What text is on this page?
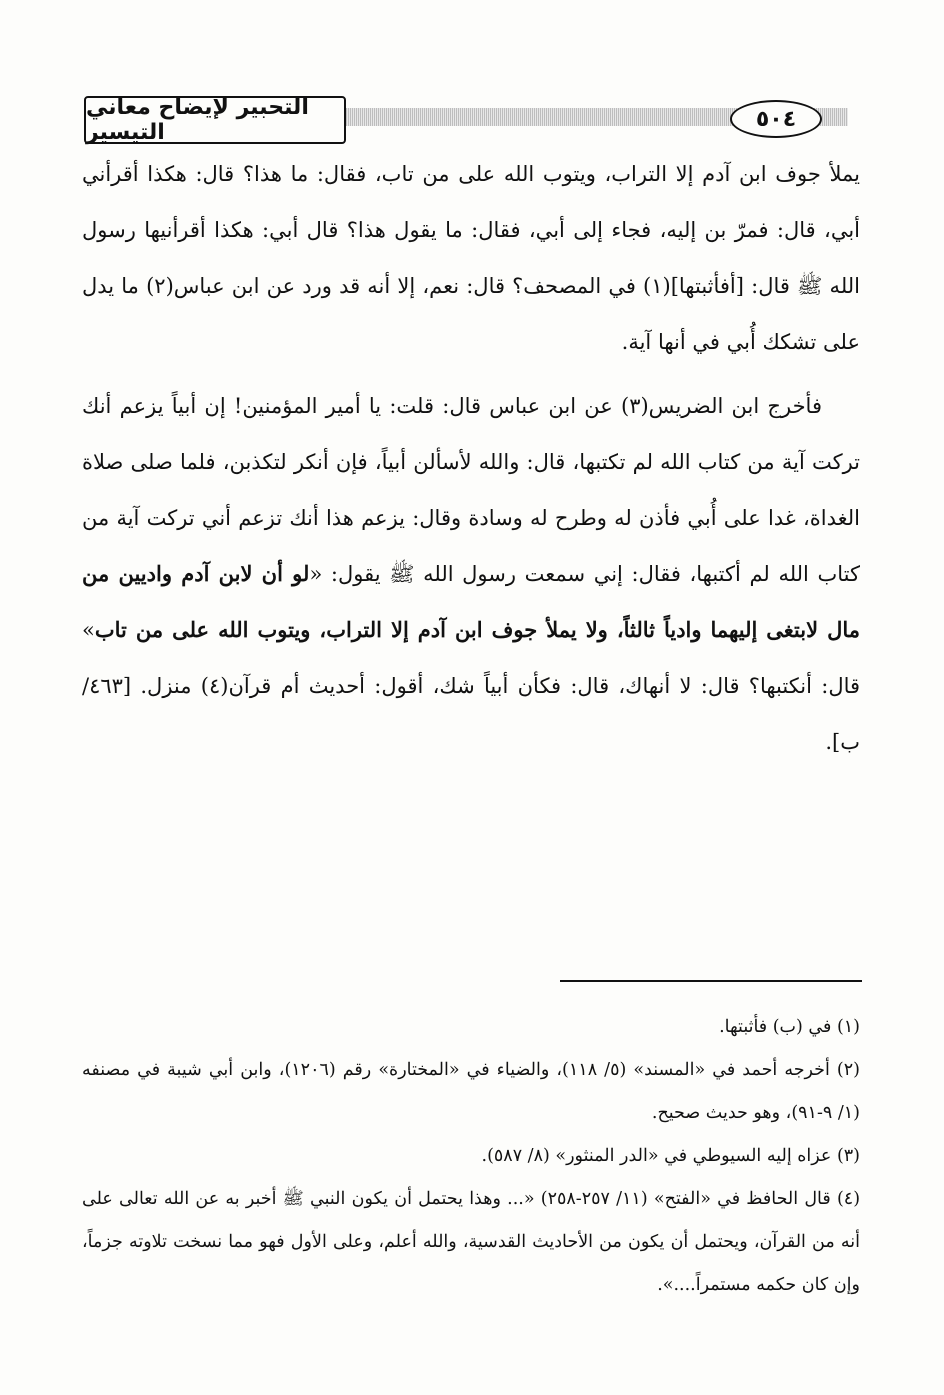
التحبير لإيضاح معاني التيسير
٥٠٤

يملأ جوف ابن آدم إلا التراب، ويتوب الله على من تاب، فقال: ما هذا؟ قال: هكذا أقرأني أبي، قال: فمرّ بن إليه، فجاء إلى أبي، فقال: ما يقول هذا؟ قال أبي: هكذا أقرأنيها رسول الله ﷺ قال: [أفأثبتها](١) في المصحف؟ قال: نعم، إلا أنه قد ورد عن ابن عباس(٢) ما يدل على تشكك أُبي في أنها آية.

فأخرج ابن الضريس(٣) عن ابن عباس قال: قلت: يا أمير المؤمنين! إن أبياً يزعم أنك تركت آية من كتاب الله لم تكتبها، قال: والله لأسألن أبياً، فإن أنكر لتكذبن، فلما صلى صلاة الغداة، غدا على أُبي فأذن له وطرح له وسادة وقال: يزعم هذا أنك تزعم أني تركت آية من كتاب الله لم أكتبها، فقال: إني سمعت رسول الله ﷺ يقول: «لو أن لابن آدم واديين من مال لابتغى إليهما وادياً ثالثاً، ولا يملأ جوف ابن آدم إلا التراب، ويتوب الله على من تاب» قال: أنكتبها؟ قال: لا أنهاك، قال: فكأن أبياً شك، أقول: أحديث أم قرآن(٤) منزل. [٤٦٣/ ب].

(١) في (ب) فأثبتها.

(٢) أخرجه أحمد في «المسند» (٥/ ١١٨)، والضياء في «المختارة» رقم (١٢٠٦)، وابن أبي شيبة في مصنفه (١/ ٩-٩١)، وهو حديث صحيح.

(٣) عزاه إليه السيوطي في «الدر المنثور» (٨/ ٥٨٧).

(٤) قال الحافظ في «الفتح» (١١/ ٢٥٧-٢٥٨) «... وهذا يحتمل أن يكون النبي ﷺ أخبر به عن الله تعالى على أنه من القرآن، ويحتمل أن يكون من الأحاديث القدسية، والله أعلم، وعلى الأول فهو مما نسخت تلاوته جزماً، وإن كان حكمه مستمراً....».
